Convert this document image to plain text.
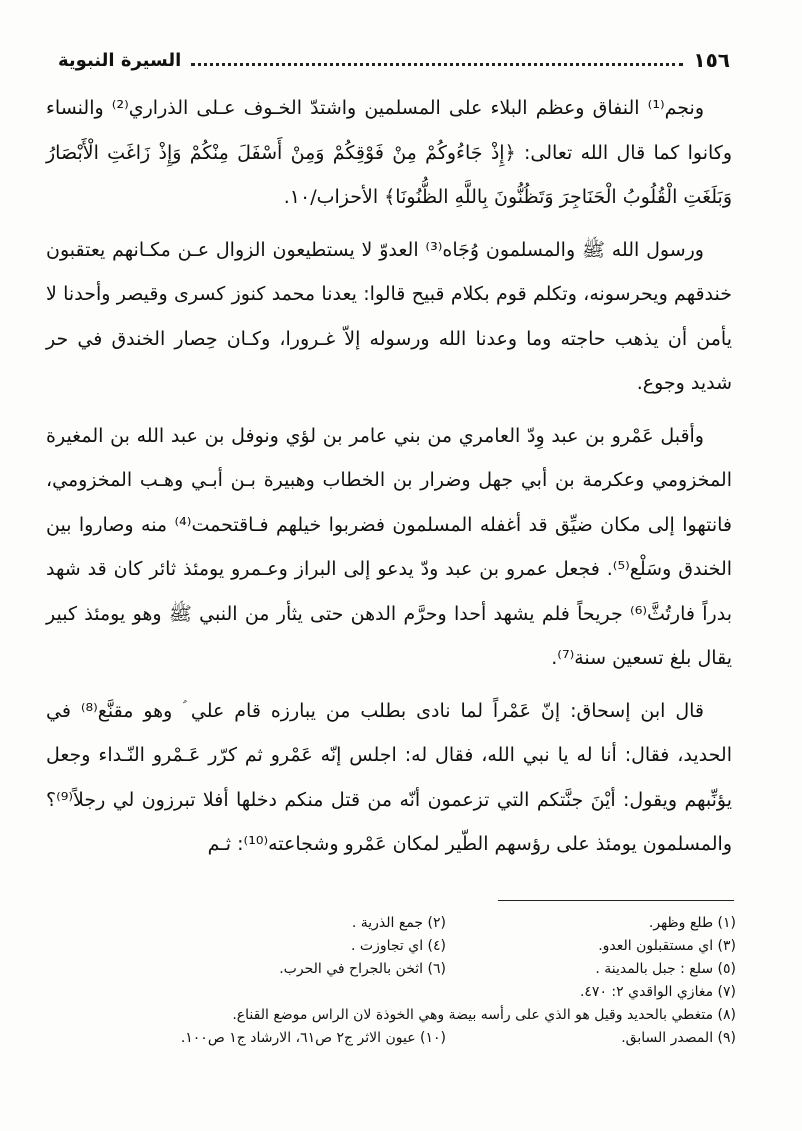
١٥٦
السيرة النبوية

ونجم⁽¹⁾ النفاق وعظم البلاء على المسلمين واشتدّ الخـوف عـلى الذراري⁽²⁾ والنساء وكانوا كما قال الله تعالى: ﴿إِذْ جَاءُوكُمْ مِنْ فَوْقِكُمْ وَمِنْ أَسْفَلَ مِنْكُمْ وَإِذْ زَاغَتِ الْأَبْصَارُ وَبَلَغَتِ الْقُلُوبُ الْحَنَاجِرَ وَتَظُنُّونَ بِاللَّهِ الظُّنُونَا﴾ الأحزاب/١٠.

ورسول الله ﷺ والمسلمون وُجَاه⁽³⁾ العدوّ لا يستطيعون الزوال عـن مكـانهم يعتقبون خندقهم ويحرسونه، وتكلم قوم بكلام قبيح قالوا: يعدنا محمد كنوز كسرى وقيصر وأحدنا لا يأمن أن يذهب حاجته وما وعدنا الله ورسوله إلاّ غـرورا، وكـان حِصار الخندق في حر شديد وجوع.

وأقبل عَمْرو بن عبد وِدّ العامري من بني عامر بن لؤي ونوفل بن عبد الله بن المغيرة المخزومي وعكرمة بن أبي جهل وضرار بن الخطاب وهبيرة بـن أبـي وهـب المخزومي، فانتهوا إلى مكان ضيِّق قد أغفله المسلمون فضربوا خيلهم فـاقتحمت⁽⁴⁾ منه وصاروا بين الخندق وسَلْع⁽⁵⁾. فجعل عمرو بن عبد ودّ يدعو إلى البراز وعـمرو يومئذ ثائر كان قد شهد بدراً فارتُثَّ⁽⁶⁾ جريحاً فلم يشهد أحدا وحرَّم الدهن حتى يثأر من النبي ﷺ وهو يومئذ كبير يقال بلغ تسعين سنة⁽⁷⁾.

قال ابن إسحاق: إنّ عَمْراً لما نادى بطلب من يبارزه قام علي ؑ وهو مقنَّع⁽⁸⁾ في الحديد، فقال: أنا له يا نبي الله، فقال له: اجلس إنّه عَمْرو ثم كرّر عَـمْرو النّـداء وجعل يؤنِّبهم ويقول: أيْنَ جنَّتكم التي تزعمون أنّه من قتل منكم دخلها أفلا تبرزون لي رجلاً⁽⁹⁾؟ والمسلمون يومئذ على رؤسهم الطّير لمكان عَمْرو وشجاعته⁽¹⁰⁾: ثـم

(١) طلع وظهر.
(٢) جمع الذرية .
(٣) اي مستقبلون العدو.
(٤) اي تجاوزت .
(٥) سلع : جبل بالمدينة .
(٦) اثخن بالجراح في الحرب.
(٧) مغازي الواقدي ٢: ٤٧٠.
(٨) متغطي بالحديد وقيل هو الذي على رأسه بيضة وهي الخوذة لان الراس موضع القناع.
(٩) المصدر السابق.
(١٠) عيون الاثر ج٢ ص٦١، الارشاد ج١ ص١٠٠.
